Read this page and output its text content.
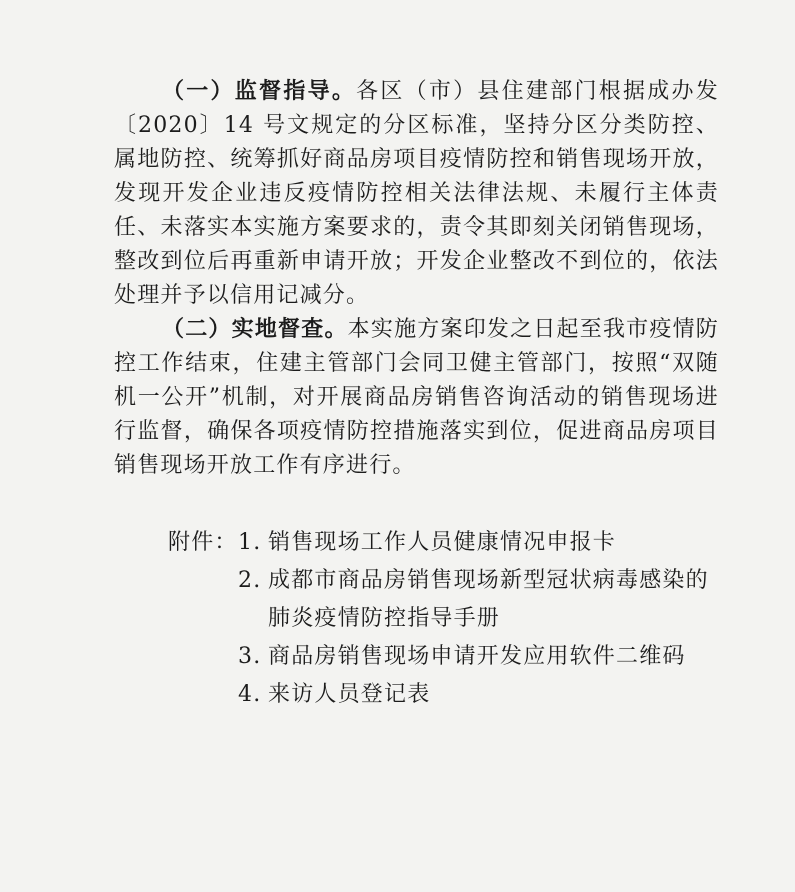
（一）监督指导。各区（市）县住建部门根据成办发〔2020〕14 号文规定的分区标准，坚持分区分类防控、属地防控、统筹抓好商品房项目疫情防控和销售现场开放，发现开发企业违反疫情防控相关法律法规、未履行主体责任、未落实本实施方案要求的，责令其即刻关闭销售现场，整改到位后再重新申请开放；开发企业整改不到位的，依法处理并予以信用记减分。

（二）实地督查。本实施方案印发之日起至我市疫情防控工作结束，住建主管部门会同卫健主管部门，按照“双随机一公开”机制，对开展商品房销售咨询活动的销售现场进行监督，确保各项疫情防控措施落实到位，促进商品房项目销售现场开放工作有序进行。

附件： 1. 销售现场工作人员健康情况申报卡
2. 成都市商品房销售现场新型冠状病毒感染的肺炎疫情防控指导手册
3. 商品房销售现场申请开发应用软件二维码
4. 来访人员登记表
